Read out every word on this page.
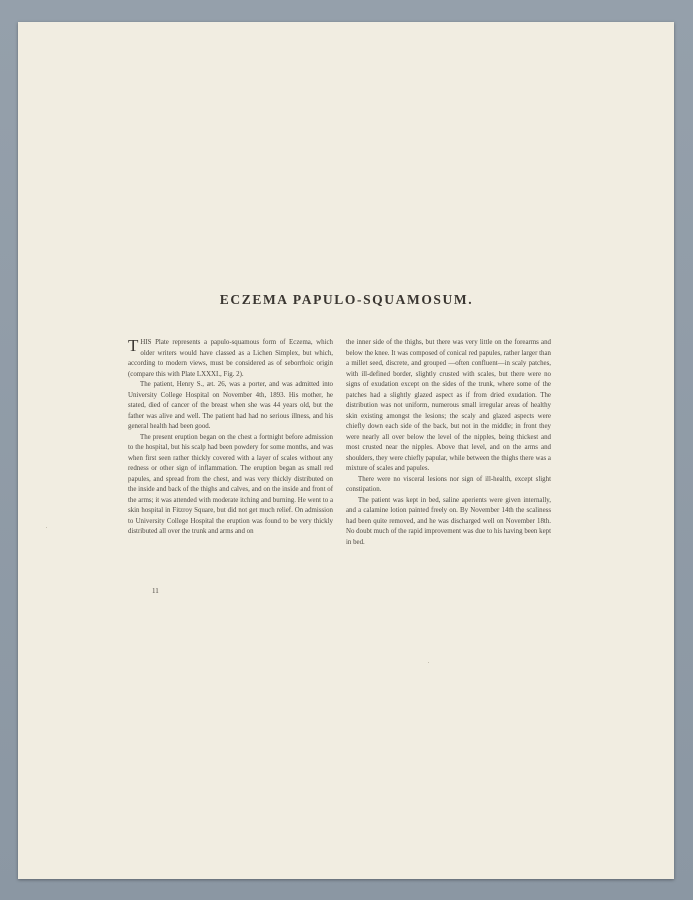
ECZEMA PAPULO-SQUAMOSUM.

THIS Plate represents a papulo-squamous form of Eczema, which older writers would have classed as a Lichen Simplex, but which, according to modern views, must be considered as of seborrhoic origin (compare this with Plate LXXXI., Fig. 2).

The patient, Henry S., æt. 26, was a porter, and was admitted into University College Hospital on November 4th, 1893. His mother, he stated, died of cancer of the breast when she was 44 years old, but the father was alive and well. The patient had had no serious illness, and his general health had been good.

The present eruption began on the chest a fortnight before admission to the hospital, but his scalp had been powdery for some months, and was when first seen rather thickly covered with a layer of scales without any redness or other sign of inflammation. The eruption began as small red papules, and spread from the chest, and was very thickly distributed on the inside and back of the thighs and calves, and on the inside and front of the arms; it was attended with moderate itching and burning. He went to a skin hospital in Fitzroy Square, but did not get much relief. On admission to University College Hospital the eruption was found to be very thickly distributed all over the trunk and arms and on

11

the inner side of the thighs, but there was very little on the forearms and below the knee. It was composed of conical red papules, rather larger than a millet seed, discrete, and grouped —often confluent—in scaly patches, with ill-defined border, slightly crusted with scales, but there were no signs of exudation except on the sides of the trunk, where some of the patches had a slightly glazed aspect as if from dried exudation. The distribution was not uniform, numerous small irregular areas of healthy skin existing amongst the lesions; the scaly and glazed aspects were chiefly down each side of the back, but not in the middle; in front they were nearly all over below the level of the nipples, being thickest and most crusted near the nipples. Above that level, and on the arms and shoulders, they were chiefly papular, while between the thighs there was a mixture of scales and papules.

There were no visceral lesions nor sign of ill-health, except slight constipation.

The patient was kept in bed, saline aperients were given internally, and a calamine lotion painted freely on. By November 14th the scaliness had been quite removed, and he was discharged well on November 18th. No doubt much of the rapid improvement was due to his having been kept in bed.
